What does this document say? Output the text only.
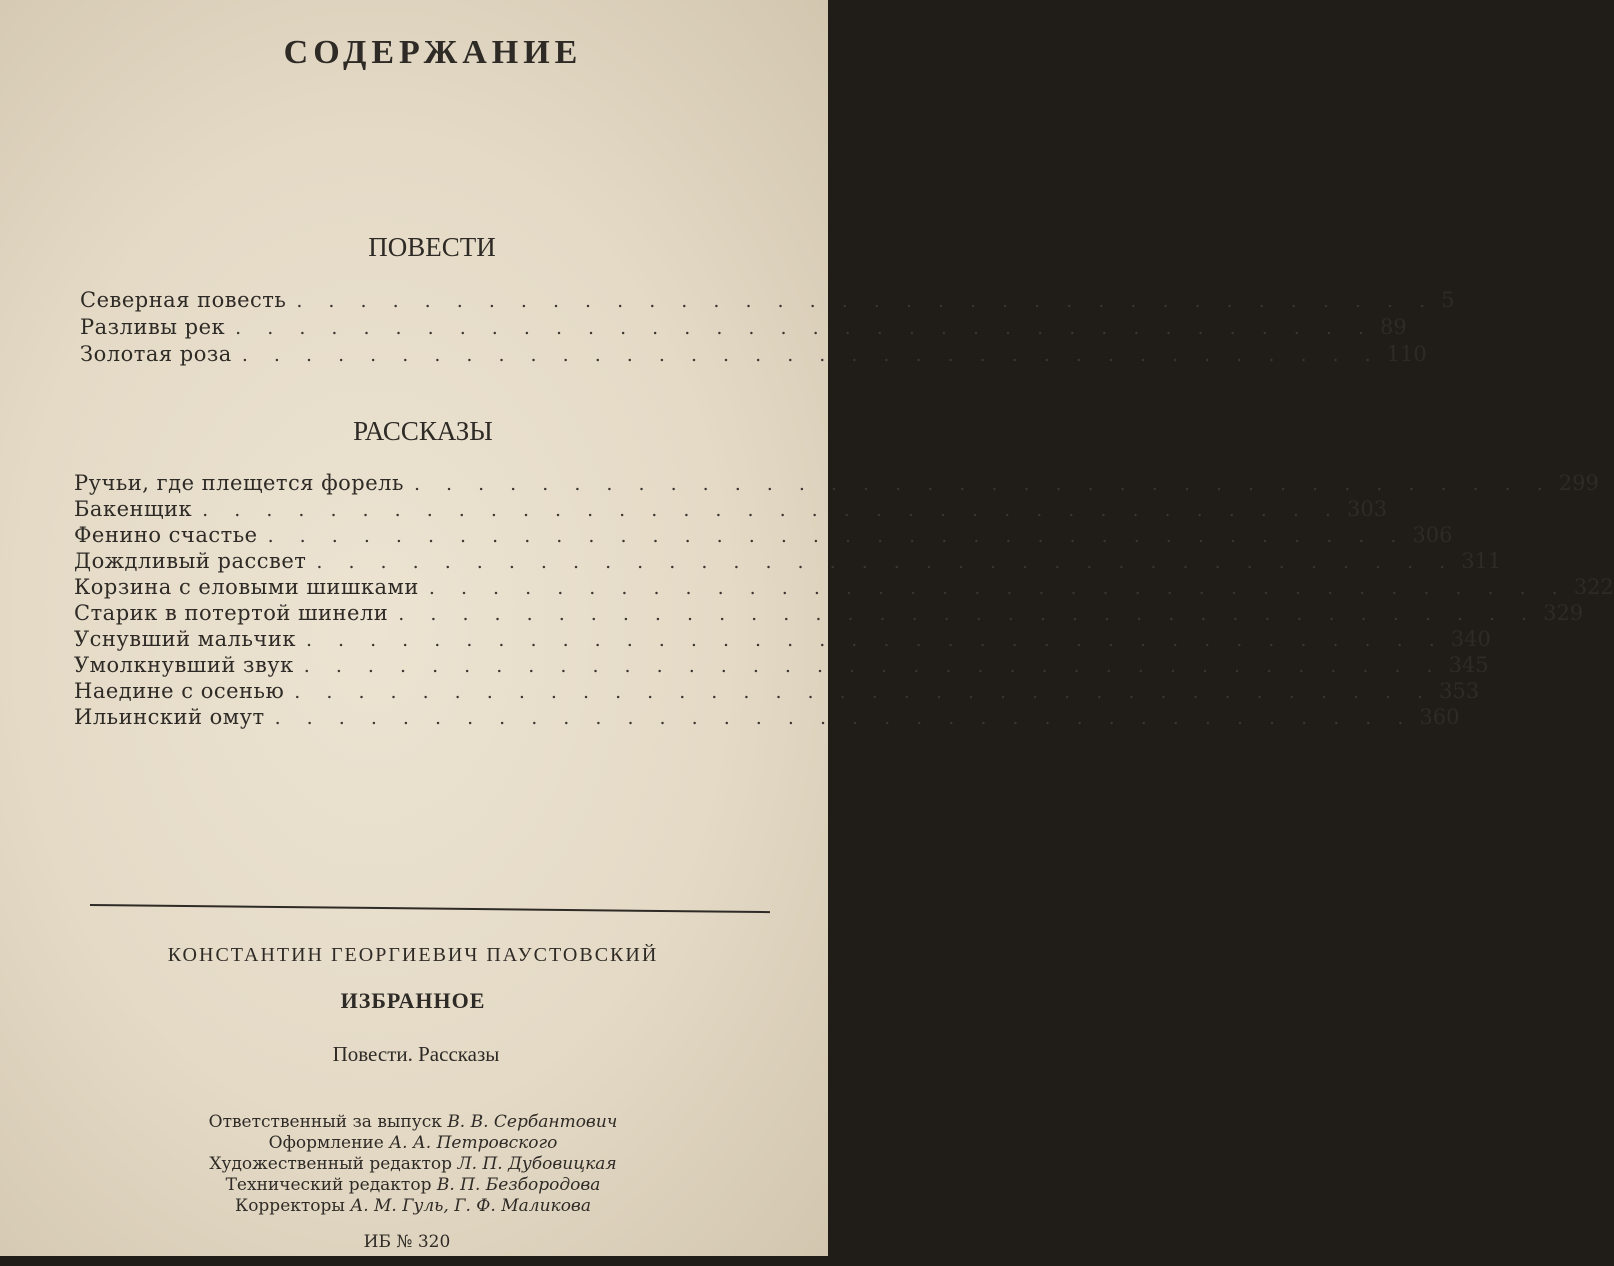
СОДЕРЖАНИЕ
ПОВЕСТИ
Северная повесть . . . . . . . . . . . . . . . . . . . . . . . . . . . . . . . . . . . . 5
Разливы рек . . . . . . . . . . . . . . . . . . . . . . . . . . . . . . . . . . . . 89
Золотая роза . . . . . . . . . . . . . . . . . . . . . . . . . . . . . . . . . . . . 110
РАССКАЗЫ
Ручьи, где плещется форель . . . . . . . . . . . . . . . . . . . . . . . . . . . . . . . . . . . . 299
Бакенщик . . . . . . . . . . . . . . . . . . . . . . . . . . . . . . . . . . . . 303
Фенино счастье . . . . . . . . . . . . . . . . . . . . . . . . . . . . . . . . . . . . 306
Дождливый рассвет . . . . . . . . . . . . . . . . . . . . . . . . . . . . . . . . . . . . 311
Корзина с еловыми шишками . . . . . . . . . . . . . . . . . . . . . . . . . . . . . . . . . . . . 322
Старик в потертой шинели . . . . . . . . . . . . . . . . . . . . . . . . . . . . . . . . . . . . 329
Уснувший мальчик . . . . . . . . . . . . . . . . . . . . . . . . . . . . . . . . . . . . 340
Умолкнувший звук . . . . . . . . . . . . . . . . . . . . . . . . . . . . . . . . . . . . 345
Наедине с осенью . . . . . . . . . . . . . . . . . . . . . . . . . . . . . . . . . . . . 353
Ильинский омут . . . . . . . . . . . . . . . . . . . . . . . . . . . . . . . . . . . . 360

КОНСТАНТИН ГЕОРГИЕВИЧ ПАУСТОВСКИЙ

ИЗБРАННОЕ

Повести. Рассказы

Ответственный за выпуск В. В. Сербантович
Оформление А. А. Петровского
Художественный редактор Л. П. Дубовицкая
Технический редактор В. П. Безбородова
Корректоры А. М. Гуль, Г. Ф. Маликова

ИБ № 320
